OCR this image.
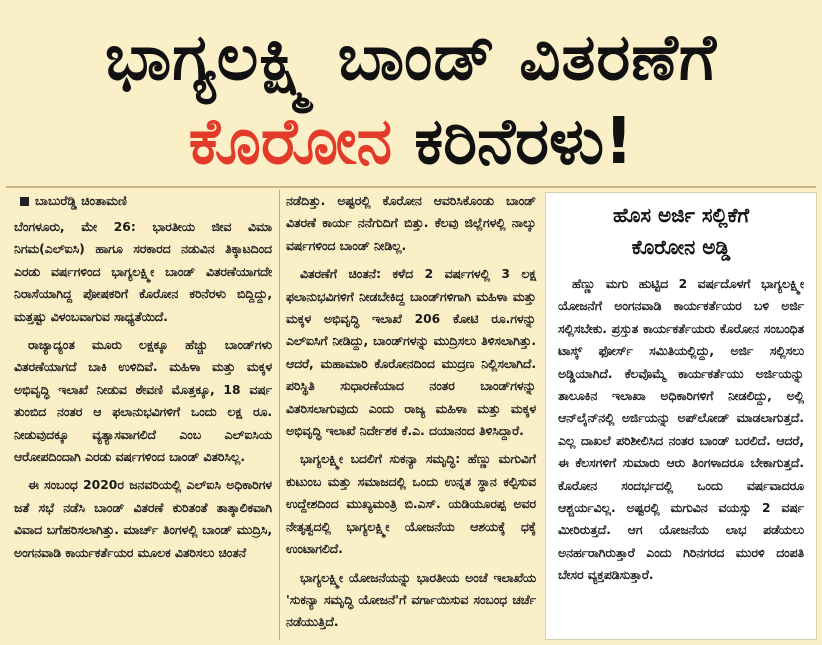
ಭಾಗ್ಯಲಕ್ಷ್ಮಿ ಬಾಂಡ್ ವಿತರಣೆಗೆ
ಕೊರೋನ ಕರಿನೆರಳು!
ಬಾಬುರೆಡ್ಡಿ ಚಿಂತಾಮಣಿ

ಬೆಂಗಳೂರು, ಮೇ 26: ಭಾರತೀಯ ಜೀವ ವಿಮಾ ನಿಗಮ(ಎಲ್‌ಐಸಿ) ಹಾಗೂ ಸರಕಾರದ ನಡುವಿನ ತಿಕ್ಕಾಟದಿಂದ ಎರಡು ವರ್ಷಗಳಿಂದ ಭಾಗ್ಯಲಕ್ಷ್ಮೀ ಬಾಂಡ್ ವಿತರಣೆಯಾಗದೇ ನಿರಾಸೆಯಾಗಿದ್ದ ಪೋಷಕರಿಗೆ ಕೊರೋನ ಕರಿನೆರಳು ಬಿದ್ದಿದ್ದು, ಮತ್ತಷ್ಟು ವಿಳಂಬವಾಗುವ ಸಾಧ್ಯತೆಯಿದೆ.

ರಾಜ್ಯಾದ್ಯಂತ ಮೂರು ಲಕ್ಷಕ್ಕೂ ಹೆಚ್ಚು ಬಾಂಡ್‌ಗಳು ವಿತರಣೆಯಾಗದೆ ಬಾಕಿ ಉಳಿದಿವೆ. ಮಹಿಳಾ ಮತ್ತು ಮಕ್ಕಳ ಅಭಿವೃದ್ಧಿ ಇಲಾಖೆ ನೀಡುವ ಠೇವಣಿ ಮೊತ್ತಕ್ಕೂ, 18 ವರ್ಷ ತುಂಬಿದ ನಂತರ ಆ ಫಲಾನುಭವಿಗಳಿಗೆ ಒಂದು ಲಕ್ಷ ರೂ. ನೀಡುವುದಕ್ಕೂ ವ್ಯತ್ಯಾಸವಾಗಲಿದೆ ಎಂಬ ಎಲ್‌ಐಸಿಯ ಆರೋಪದಿಂದಾಗಿ ಎರಡು ವರ್ಷಗಳಿಂದ ಬಾಂಡ್ ವಿತರಿಸಿಲ್ಲ.

ಈ ಸಂಬಂಧ 2020ರ ಜನವರಿಯಲ್ಲಿ ಎಲ್‌ಐಸಿ ಅಧಿಕಾರಿಗಳ ಜತೆ ಸಭೆ ನಡೆಸಿ ಬಾಂಡ್ ವಿತರಣೆ ಕುರಿತಂತೆ ತಾತ್ಕಾಲಿಕವಾಗಿ ವಿವಾದ ಬಗೆಹರಿಸಲಾಗಿತ್ತು. ಮಾರ್ಚ್ ತಿಂಗಳಲ್ಲಿ ಬಾಂಡ್ ಮುದ್ರಿಸಿ, ಅಂಗನವಾಡಿ ಕಾರ್ಯಕರ್ತೆಯರ ಮೂಲಕ ವಿತರಿಸಲು ಚಿಂತನೆ

ನಡೆದಿತ್ತು. ಅಷ್ಟರಲ್ಲಿ ಕೊರೋನ ಆವರಿಸಿಕೊಂಡು ಬಾಂಡ್ ವಿತರಣೆ ಕಾರ್ಯ ನನೆಗುದಿಗೆ ಬಿತ್ತು. ಕೆಲವು ಜಿಲ್ಲೆಗಳಲ್ಲಿ ನಾಲ್ಕು ವರ್ಷಗಳಿಂದ ಬಾಂಡ್ ನೀಡಿಲ್ಲ.

ವಿತರಣೆಗೆ ಚಿಂತನೆ: ಕಳೆದ 2 ವರ್ಷಗಳಲ್ಲಿ 3 ಲಕ್ಷ ಫಲಾನುಭವಿಗಳಿಗೆ ನೀಡಬೇಕಿದ್ದ ಬಾಂಡ್‌ಗಳಿಗಾಗಿ ಮಹಿಳಾ ಮತ್ತು ಮಕ್ಕಳ ಅಭಿವೃದ್ಧಿ ಇಲಾಖೆ 206 ಕೋಟಿ ರೂ.ಗಳನ್ನು ಎಲ್‌ಐಸಿಗೆ ನೀಡಿದ್ದು, ಬಾಂಡ್‌ಗಳನ್ನು ಮುದ್ರಿಸಲು ತಿಳಿಸಲಾಗಿತ್ತು. ಆದರೆ, ಮಹಾಮಾರಿ ಕೊರೋನದಿಂದ ಮುದ್ರಣ ನಿಲ್ಲಿಸಲಾಗಿದೆ. ಪರಿಸ್ಥಿತಿ ಸುಧಾರಣೆಯಾದ ನಂತರ ಬಾಂಡ್‌ಗಳನ್ನು ವಿತರಿಸಲಾಗುವುದು ಎಂದು ರಾಜ್ಯ ಮಹಿಳಾ ಮತ್ತು ಮಕ್ಕಳ ಅಭಿವೃದ್ಧಿ ಇಲಾಖೆ ನಿರ್ದೇಶಕ ಕೆ.ಎ. ದಯಾನಂದ ತಿಳಿಸಿದ್ದಾರೆ.

ಭಾಗ್ಯಲಕ್ಷ್ಮೀ ಬದಲಿಗೆ ಸುಕನ್ಯಾ ಸಮೃದ್ಧಿ: ಹೆಣ್ಣು ಮಗುವಿಗೆ ಕುಟುಂಬ ಮತ್ತು ಸಮಾಜದಲ್ಲಿ ಒಂದು ಉನ್ನತ ಸ್ಥಾನ ಕಲ್ಪಿಸುವ ಉದ್ದೇಶದಿಂದ ಮುಖ್ಯಮಂತ್ರಿ ಬಿ.ಎಸ್. ಯಡಿಯೂರಪ್ಪ ಅವರ ನೇತೃತ್ವದಲ್ಲಿ ಭಾಗ್ಯಲಕ್ಷ್ಮೀ ಯೋಜನೆಯ ಆಶಯಕ್ಕೆ ಧಕ್ಕೆ ಉಂಟಾಗಲಿದೆ.

ಭಾಗ್ಯಲಕ್ಷ್ಮೀ ಯೋಜನೆಯನ್ನು ಭಾರತೀಯ ಅಂಚೆ ಇಲಾಖೆಯ 'ಸುಕನ್ಯಾ ಸಮೃದ್ಧಿ ಯೋಜನೆ'ಗೆ ವರ್ಗಾಯಿಸುವ ಸಂಬಂಧ ಚರ್ಚೆ ನಡೆಯುತ್ತಿದೆ.

ಹೊಸ ಅರ್ಜಿ ಸಲ್ಲಿಕೆಗೆ
ಕೊರೋನ ಅಡ್ಡಿ
ಹೆಣ್ಣು ಮಗು ಹುಟ್ಟಿದ 2 ವರ್ಷದೊಳಗೆ ಭಾಗ್ಯಲಕ್ಷ್ಮೀ ಯೋಜನೆಗೆ ಅಂಗನವಾಡಿ ಕಾರ್ಯಕರ್ತೆಯರ ಬಳಿ ಅರ್ಜಿ ಸಲ್ಲಿಸಬೇಕು. ಪ್ರಸ್ತುತ ಕಾರ್ಯಕರ್ತೆಯರು ಕೊರೋನ ಸಂಬಂಧಿತ ಟಾಸ್ಕ್ ಫೋರ್ಸ್ ಸಮಿತಿಯಲ್ಲಿದ್ದು, ಅರ್ಜಿ ಸಲ್ಲಿಸಲು ಅಡ್ಡಿಯಾಗಿದೆ. ಕೆಲವೊಮ್ಮೆ ಕಾರ್ಯಕರ್ತೆಯು ಅರ್ಜಿಯನ್ನು ತಾಲೂಕಿನ ಇಲಾಖಾ ಅಧಿಕಾರಿಗಳಿಗೆ ನೀಡಲಿದ್ದು, ಅಲ್ಲಿ ಆನ್‌ಲೈನ್‌ನಲ್ಲಿ ಅರ್ಜಿಯನ್ನು ಅಪ್‌ಲೋಡ್ ಮಾಡಲಾಗುತ್ತದೆ. ಎಲ್ಲ ದಾಖಲೆ ಪರಿಶೀಲಿಸಿದ ನಂತರ ಬಾಂಡ್ ಬರಲಿದೆ. ಆದರೆ, ಈ ಕೆಲಸಗಳಿಗೆ ಸುಮಾರು ಆರು ತಿಂಗಳಾದರೂ ಬೇಕಾಗುತ್ತದೆ. ಕೊರೋನ ಸಂದರ್ಭದಲ್ಲಿ ಒಂದು ವರ್ಷವಾದರೂ ಆಶ್ಚರ್ಯವಿಲ್ಲ. ಅಷ್ಟರಲ್ಲಿ ಮಗುವಿನ ವಯಸ್ಸು 2 ವರ್ಷ ಮೀರಿರುತ್ತದೆ. ಆಗ ಯೋಜನೆಯ ಲಾಭ ಪಡೆಯಲು ಅನರ್ಹರಾಗಿರುತ್ತಾರೆ ಎಂದು ಗಿರಿನಗರದ ಮುರಳಿ ದಂಪತಿ ಬೇಸರ ವ್ಯಕ್ತಪಡಿಸುತ್ತಾರೆ.
